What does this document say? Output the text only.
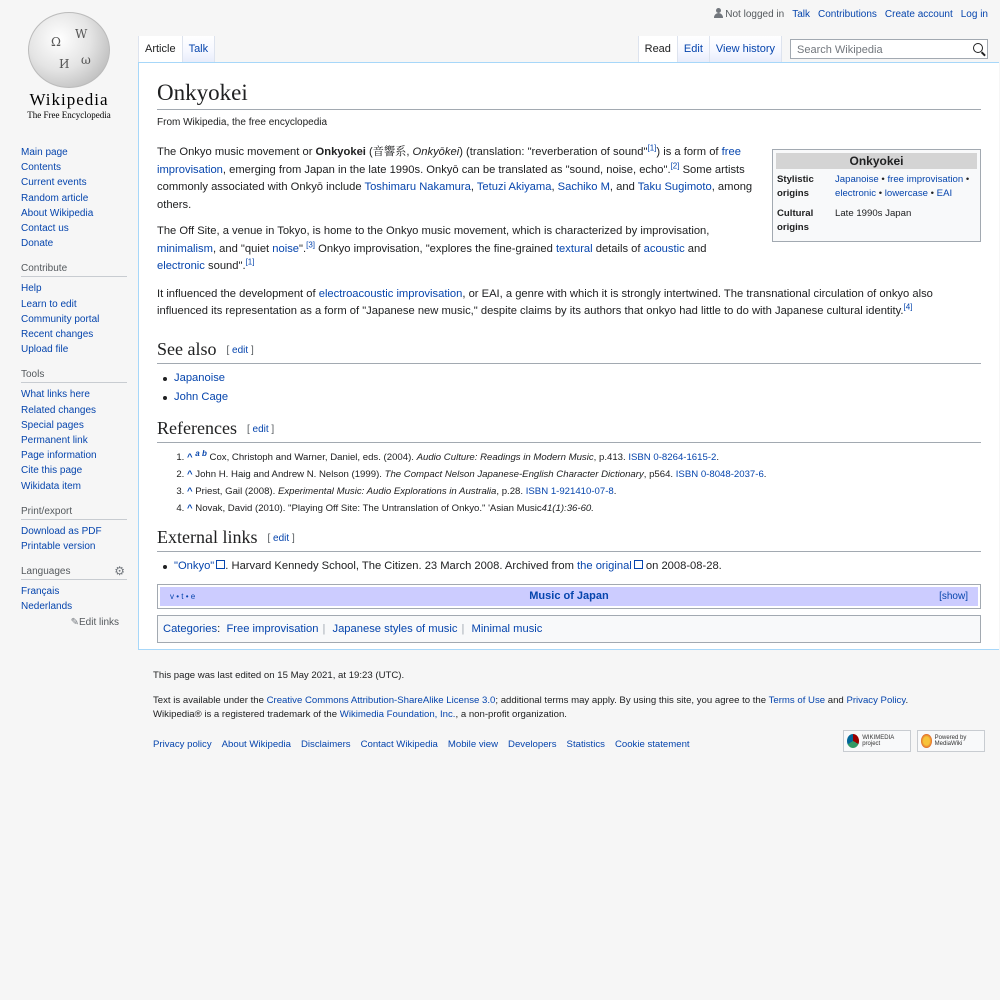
Ω
W
И ω
Wikipedia
The Free Encyclopedia
Main page
Contents
Current events
Random article
About Wikipedia
Contact us
Donate
Contribute
Help
Learn to edit
Community portal
Recent changes
Upload file
Tools
What links here
Related changes
Special pages
Permanent link
Page information
Cite this page
Wikidata item
Print/export
Download as PDF
Printable version
Languages	⚙
Français
Nederlands
✎Edit links
Not logged in Talk Contributions Create account Log in
Article	Talk	Read	Edit	View history
Search Wikipedia
Onkyokei
From Wikipedia, the free encyclopedia
Onkyokei
Stylistic origins
Japanoise • free improvisation • electronic • lowercase • EAI
Cultural origins
Late 1990s Japan

The Onkyo music movement or Onkyokei (音響系, Onkyōkei) (translation: "reverberation of sound"[1]) is a form of free improvisation, emerging from Japan in the late 1990s. Onkyō can be translated as "sound, noise, echo".[2] Some artists commonly associated with Onkyō include Toshimaru Nakamura, Tetuzi Akiyama, Sachiko M, and Taku Sugimoto, among others.

The Off Site, a venue in Tokyo, is home to the Onkyo music movement, which is characterized by improvisation, minimalism, and "quiet noise".[3] Onkyo improvisation, "explores the fine-grained textural details of acoustic and electronic sound".[1]

It influenced the development of electroacoustic improvisation, or EAI, a genre with which it is strongly intertwined. The transnational circulation of onkyo also influenced its representation as a form of "Japanese new music," despite claims by its authors that onkyo had little to do with Japanese cultural identity.[4]

See also [ edit ]
Japanoise
John Cage
References [ edit ]
1. ^ $^{a b}$ Cox, Christoph and Warner, Daniel, eds. (2004). Audio Culture: Readings in Modern Music, p.413. ISBN 0-8264-1615-2.
2. ^ John H. Haig and Andrew N. Nelson (1999). The Compact Nelson Japanese-English Character Dictionary, p564. ISBN 0-8048-2037-6.
3. ^ Priest, Gail (2008). Experimental Music: Audio Explorations in Australia, p.28. ISBN 1-921410-07-8.
4. ^ Novak, David (2010). "Playing Off Site: The Untranslation of Onkyo." 'Asian Music41(1):36-60.
External links [ edit ]
"Onkyo" . Harvard Kennedy School, The Citizen. 23 March 2008. Archived from the original on 2008-08-28.
v • t • e	Music of Japan	[show]
Categories:  Free improvisation | Japanese styles of music | Minimal music
This page was last edited on 15 May 2021, at 19:23 (UTC).
Text is available under the Creative Commons Attribution-ShareAlike License 3.0; additional terms may apply. By using this site, you agree to the Terms of Use and Privacy Policy.
Wikipedia® is a registered trademark of the Wikimedia Foundation, Inc., a non-profit organization.
Privacy policy About Wikipedia Disclaimers Contact Wikipedia Mobile view Developers Statistics Cookie statement
WIKIMEDIA project
Powered by MediaWiki
